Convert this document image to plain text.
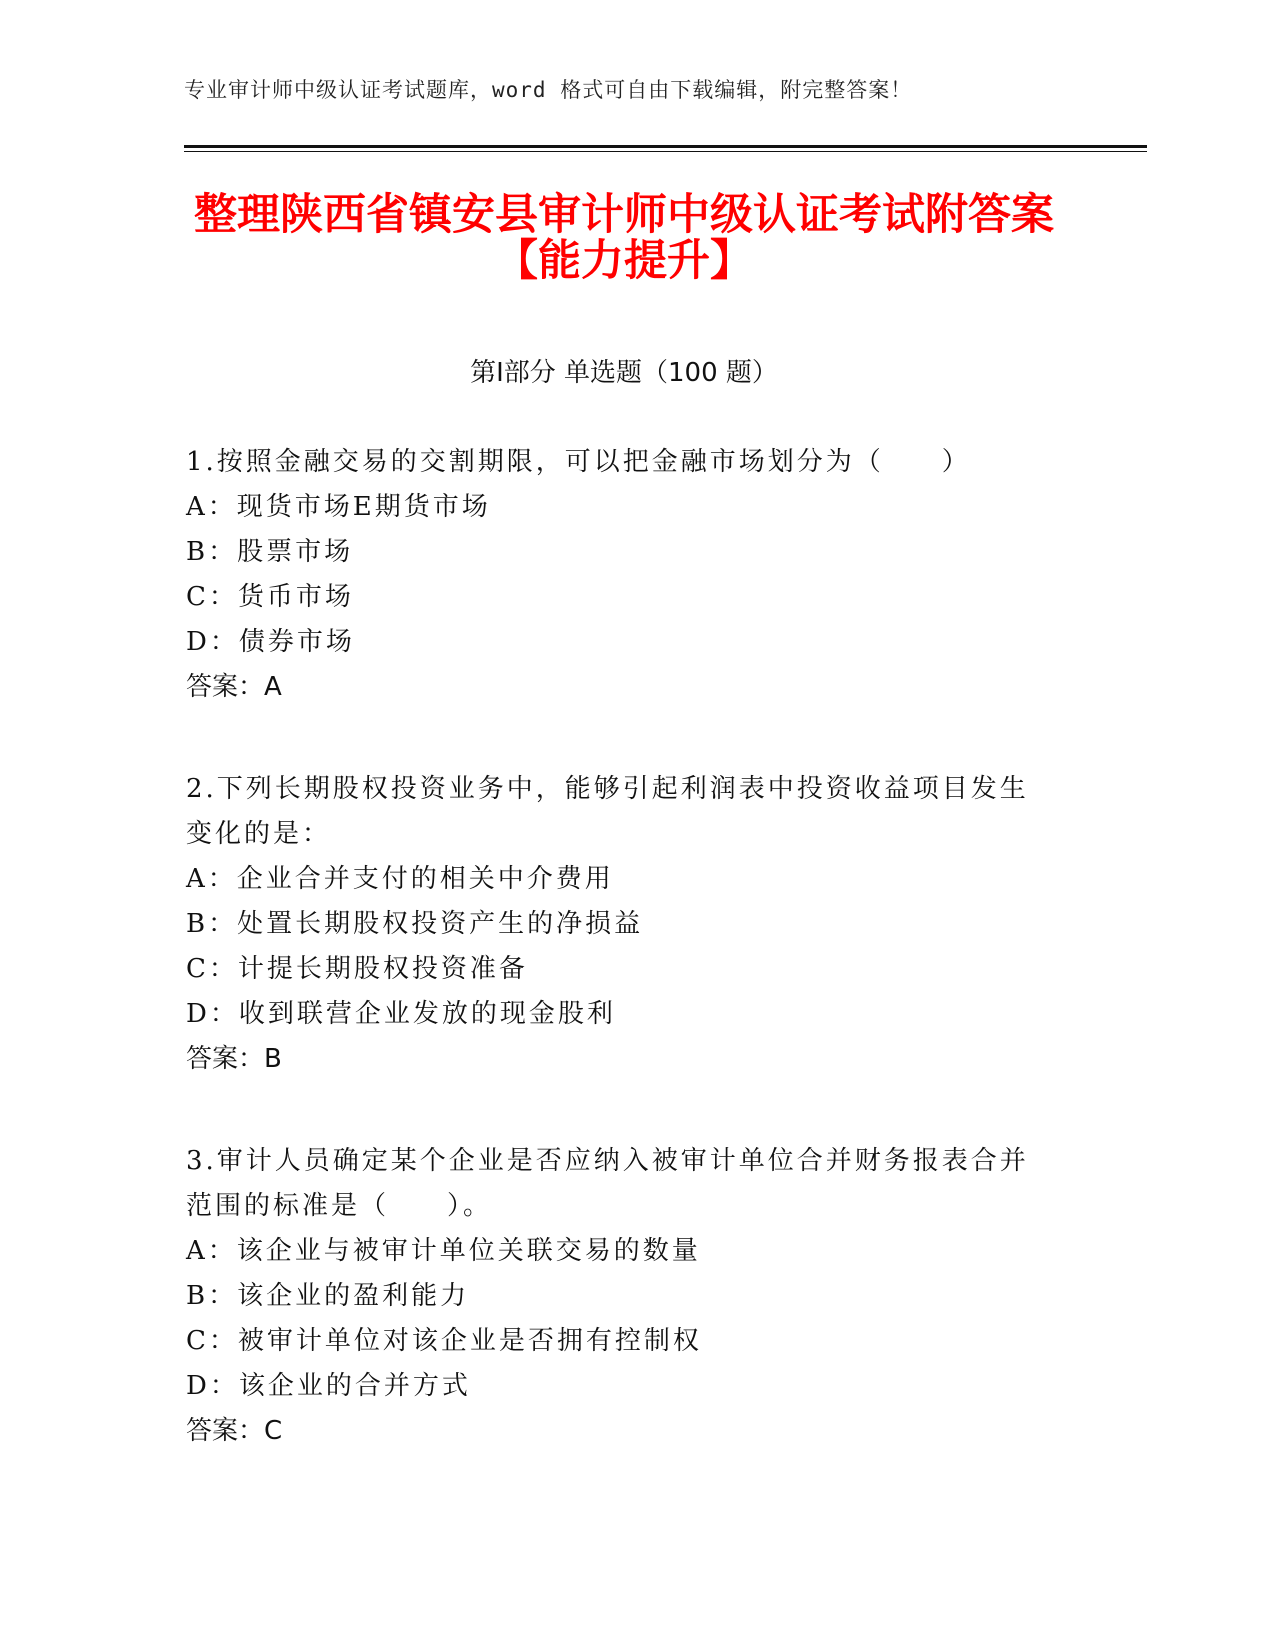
专业审计师中级认证考试题库，word 格式可自由下载编辑，附完整答案！
整理陕西省镇安县审计师中级认证考试附答案【能力提升】
第Ⅰ部分 单选题（100 题）
1.按照金融交易的交割期限，可以把金融市场划分为（　　）
A：现货市场E期货市场
B：股票市场
C：货币市场
D：债券市场
答案：A
2.下列长期股权投资业务中，能够引起利润表中投资收益项目发生变化的是：
A：企业合并支付的相关中介费用
B：处置长期股权投资产生的净损益
C：计提长期股权投资准备
D：收到联营企业发放的现金股利
答案：B
3.审计人员确定某个企业是否应纳入被审计单位合并财务报表合并范围的标准是（　　）。
A：该企业与被审计单位关联交易的数量
B：该企业的盈利能力
C：被审计单位对该企业是否拥有控制权
D：该企业的合并方式
答案：C
